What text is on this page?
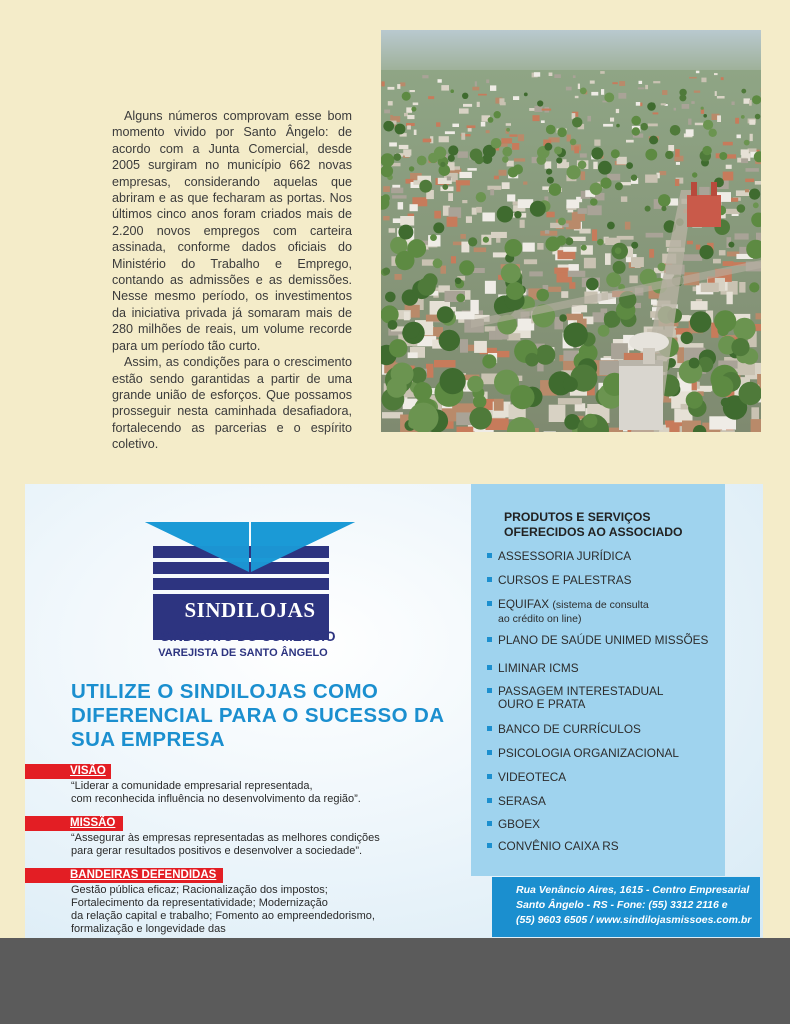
Alguns números comprovam esse bom momento vivido por Santo Ângelo: de acordo com a Junta Comercial, desde 2005 surgiram no município 662 novas empresas, considerando aquelas que abriram e as que fecharam as portas. Nos últimos cinco anos foram criados mais de 2.200 novos empregos com carteira assinada, conforme dados oficiais do Ministério do Trabalho e Emprego, contando as admissões e as demissões. Nesse mesmo período, os investimentos da iniciativa privada já somaram mais de 280 milhões de reais, um volume recorde para um período tão curto.

Assim, as condições para o crescimento estão sendo garantidas a partir de uma grande união de esforços. Que possamos prosseguir nesta caminhada desafiadora, fortalecendo as parcerias e o espírito coletivo.

SINDILOJAS
SINDICATO DO COMÉRCIO
VAREJISTA DE SANTO ÂNGELO
UTILIZE O SINDILOJAS COMO DIFERENCIAL PARA O SUCESSO DA SUA EMPRESA
VISÃO
“Liderar a comunidade empresarial representada,
com reconhecida influência no desenvolvimento da região”.
MISSÃO
“Assegurar às empresas representadas as melhores condições
para gerar resultados positivos e desenvolver a sociedade”.
BANDEIRAS DEFENDIDAS
Gestão pública eficaz; Racionalização dos impostos;
Fortalecimento da representatividade; Modernização
da relação capital e trabalho; Fomento ao empreendedorismo,
formalização e longevidade das
PRODUTOS E SERVIÇOS OFERECIDOS AO ASSOCIADO
ASSESSORIA JURÍDICA
CURSOS E PALESTRAS
EQUIFAX (sistema de consulta
ao crédito on line)
PLANO DE SAÚDE UNIMED MISSÕES
LIMINAR ICMS
PASSAGEM INTERESTADUAL
OURO E PRATA
BANCO DE CURRÍCULOS
PSICOLOGIA ORGANIZACIONAL
VIDEOTECA
SERASA
GBOEX
CONVÊNIO CAIXA RS
Rua Venâncio Aires, 1615 - Centro Empresarial
Santo Ângelo - RS - Fone: (55) 3312 2116 e
(55) 9603 6505 / www.sindilojasmissoes.com.br
